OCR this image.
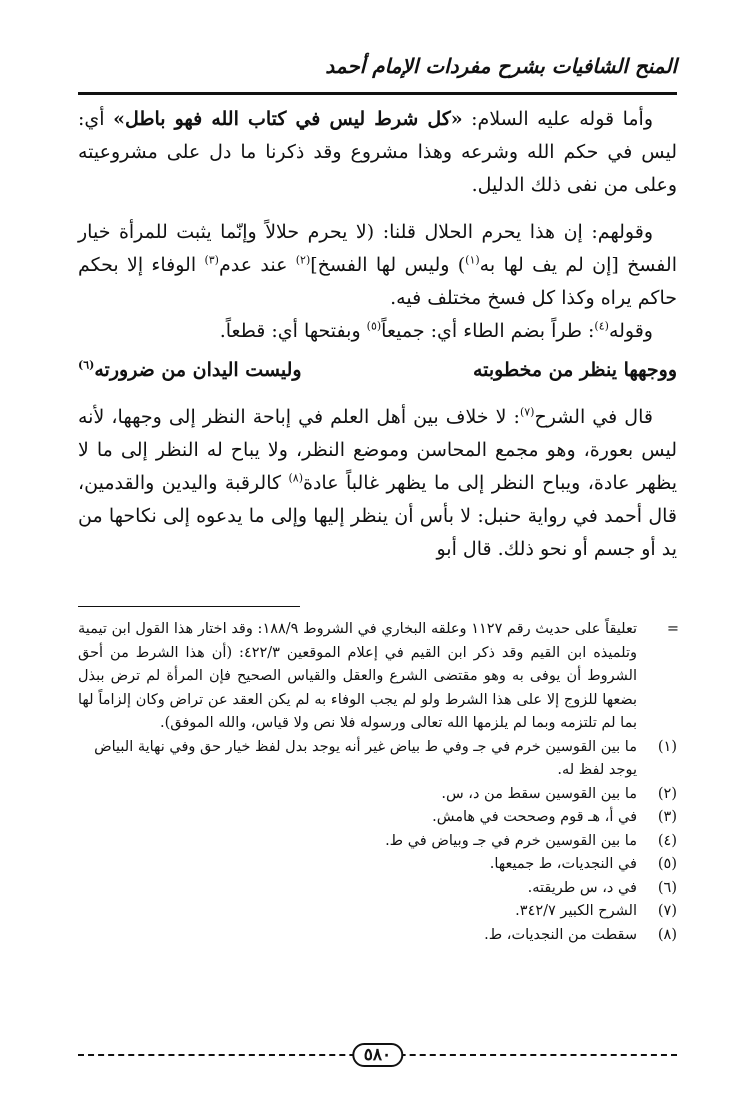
المنح الشافيات بشرح مفردات الإمام أحمد

وأما قوله عليه السلام: «كل شرط ليس في كتاب الله فهو باطل» أي: ليس في حكم الله وشرعه وهذا مشروع وقد ذكرنا ما دل على مشروعيته وعلى من نفى ذلك الدليل.

وقولهم: إن هذا يحرم الحلال قلنا: (لا يحرم حلالاً وإنّما يثبت للمرأة خيار الفسخ [إن لم يف لها به$^{(١)}$) وليس لها الفسخ]$^{(٢)}$ عند عدم$^{(٣)}$ الوفاء إلا بحكم حاكم يراه وكذا كل فسخ مختلف فيه.

وقوله$^{(٤)}$: طراً بضم الطاء أي: جميعاً$^{(٥)}$ وبفتحها أي: قطعاً.

ووجهها ينظر من مخطوبته
وليست اليدان من ضرورته$^{(٦)}$

قال في الشرح$^{(٧)}$: لا خلاف بين أهل العلم في إباحة النظر إلى وجهها، لأنه ليس بعورة، وهو مجمع المحاسن وموضع النظر، ولا يباح له النظر إلى ما لا يظهر عادة، ويباح النظر إلى ما يظهر غالباً عادة$^{(٨)}$ كالرقبة واليدين والقدمين، قال أحمد في رواية حنبل: لا بأس أن ينظر إليها وإلى ما يدعوه إلى نكاحها من يد أو جسم أو نحو ذلك. قال أبو

=
تعليقاً على حديث رقم ١١٢٧ وعلقه البخاري في الشروط ١٨٨/٩: وقد اختار هذا القول ابن تيمية وتلميذه ابن القيم وقد ذكر ابن القيم في إعلام الموقعين ٤٢٢/٣: (أن هذا الشرط من أحق الشروط أن يوفى به وهو مقتضى الشرع والعقل والقياس الصحيح فإن المرأة لم ترض ببذل بضعها للزوج إلا على هذا الشرط ولو لم يجب الوفاء به لم يكن العقد عن تراض وكان إلزاماً لها بما لم تلتزمه وبما لم يلزمها الله تعالى ورسوله فلا نص ولا قياس، والله الموفق).
(١)
ما بين القوسين خرم في جـ وفي ط بياض غير أنه يوجد بدل لفظ خيار حق وفي نهاية البياض يوجد لفظ له.
(٢)
ما بين القوسين سقط من د، س.
(٣)
في أ، هـ قوم وصححت في هامش.
(٤)
ما بين القوسين خرم في جـ وبياض في ط.
(٥)
في النجديات، ط جميعها.
(٦)
في د، س طريقته.
(٧)
الشرح الكبير ٣٤٢/٧.
(٨)
سقطت من النجديات، ط.
٥٨٠
